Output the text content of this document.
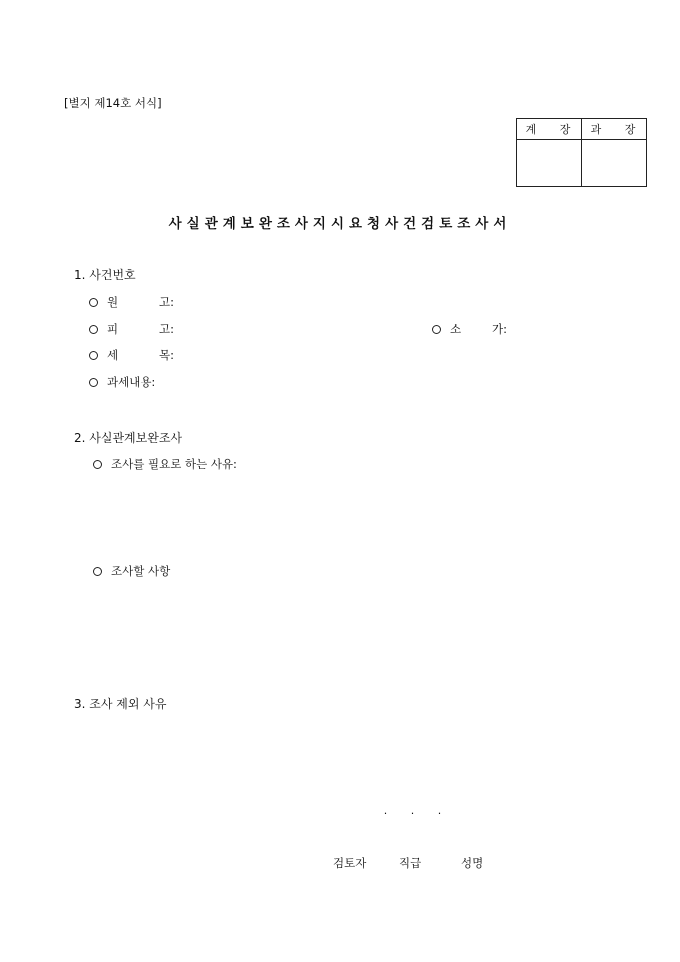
[별지 제14호 서식]
계 장	과 장

사실관계보완조사지시요청사건검토조사서
1. 사건번호
원	고:
피	고:	소	가:
세	목:
과세내용:
2. 사실관계보완조사
조사를 필요로 하는 사유:
조사할 사항
3. 조사 제외 사유
. . .
검토자	직급	성명
